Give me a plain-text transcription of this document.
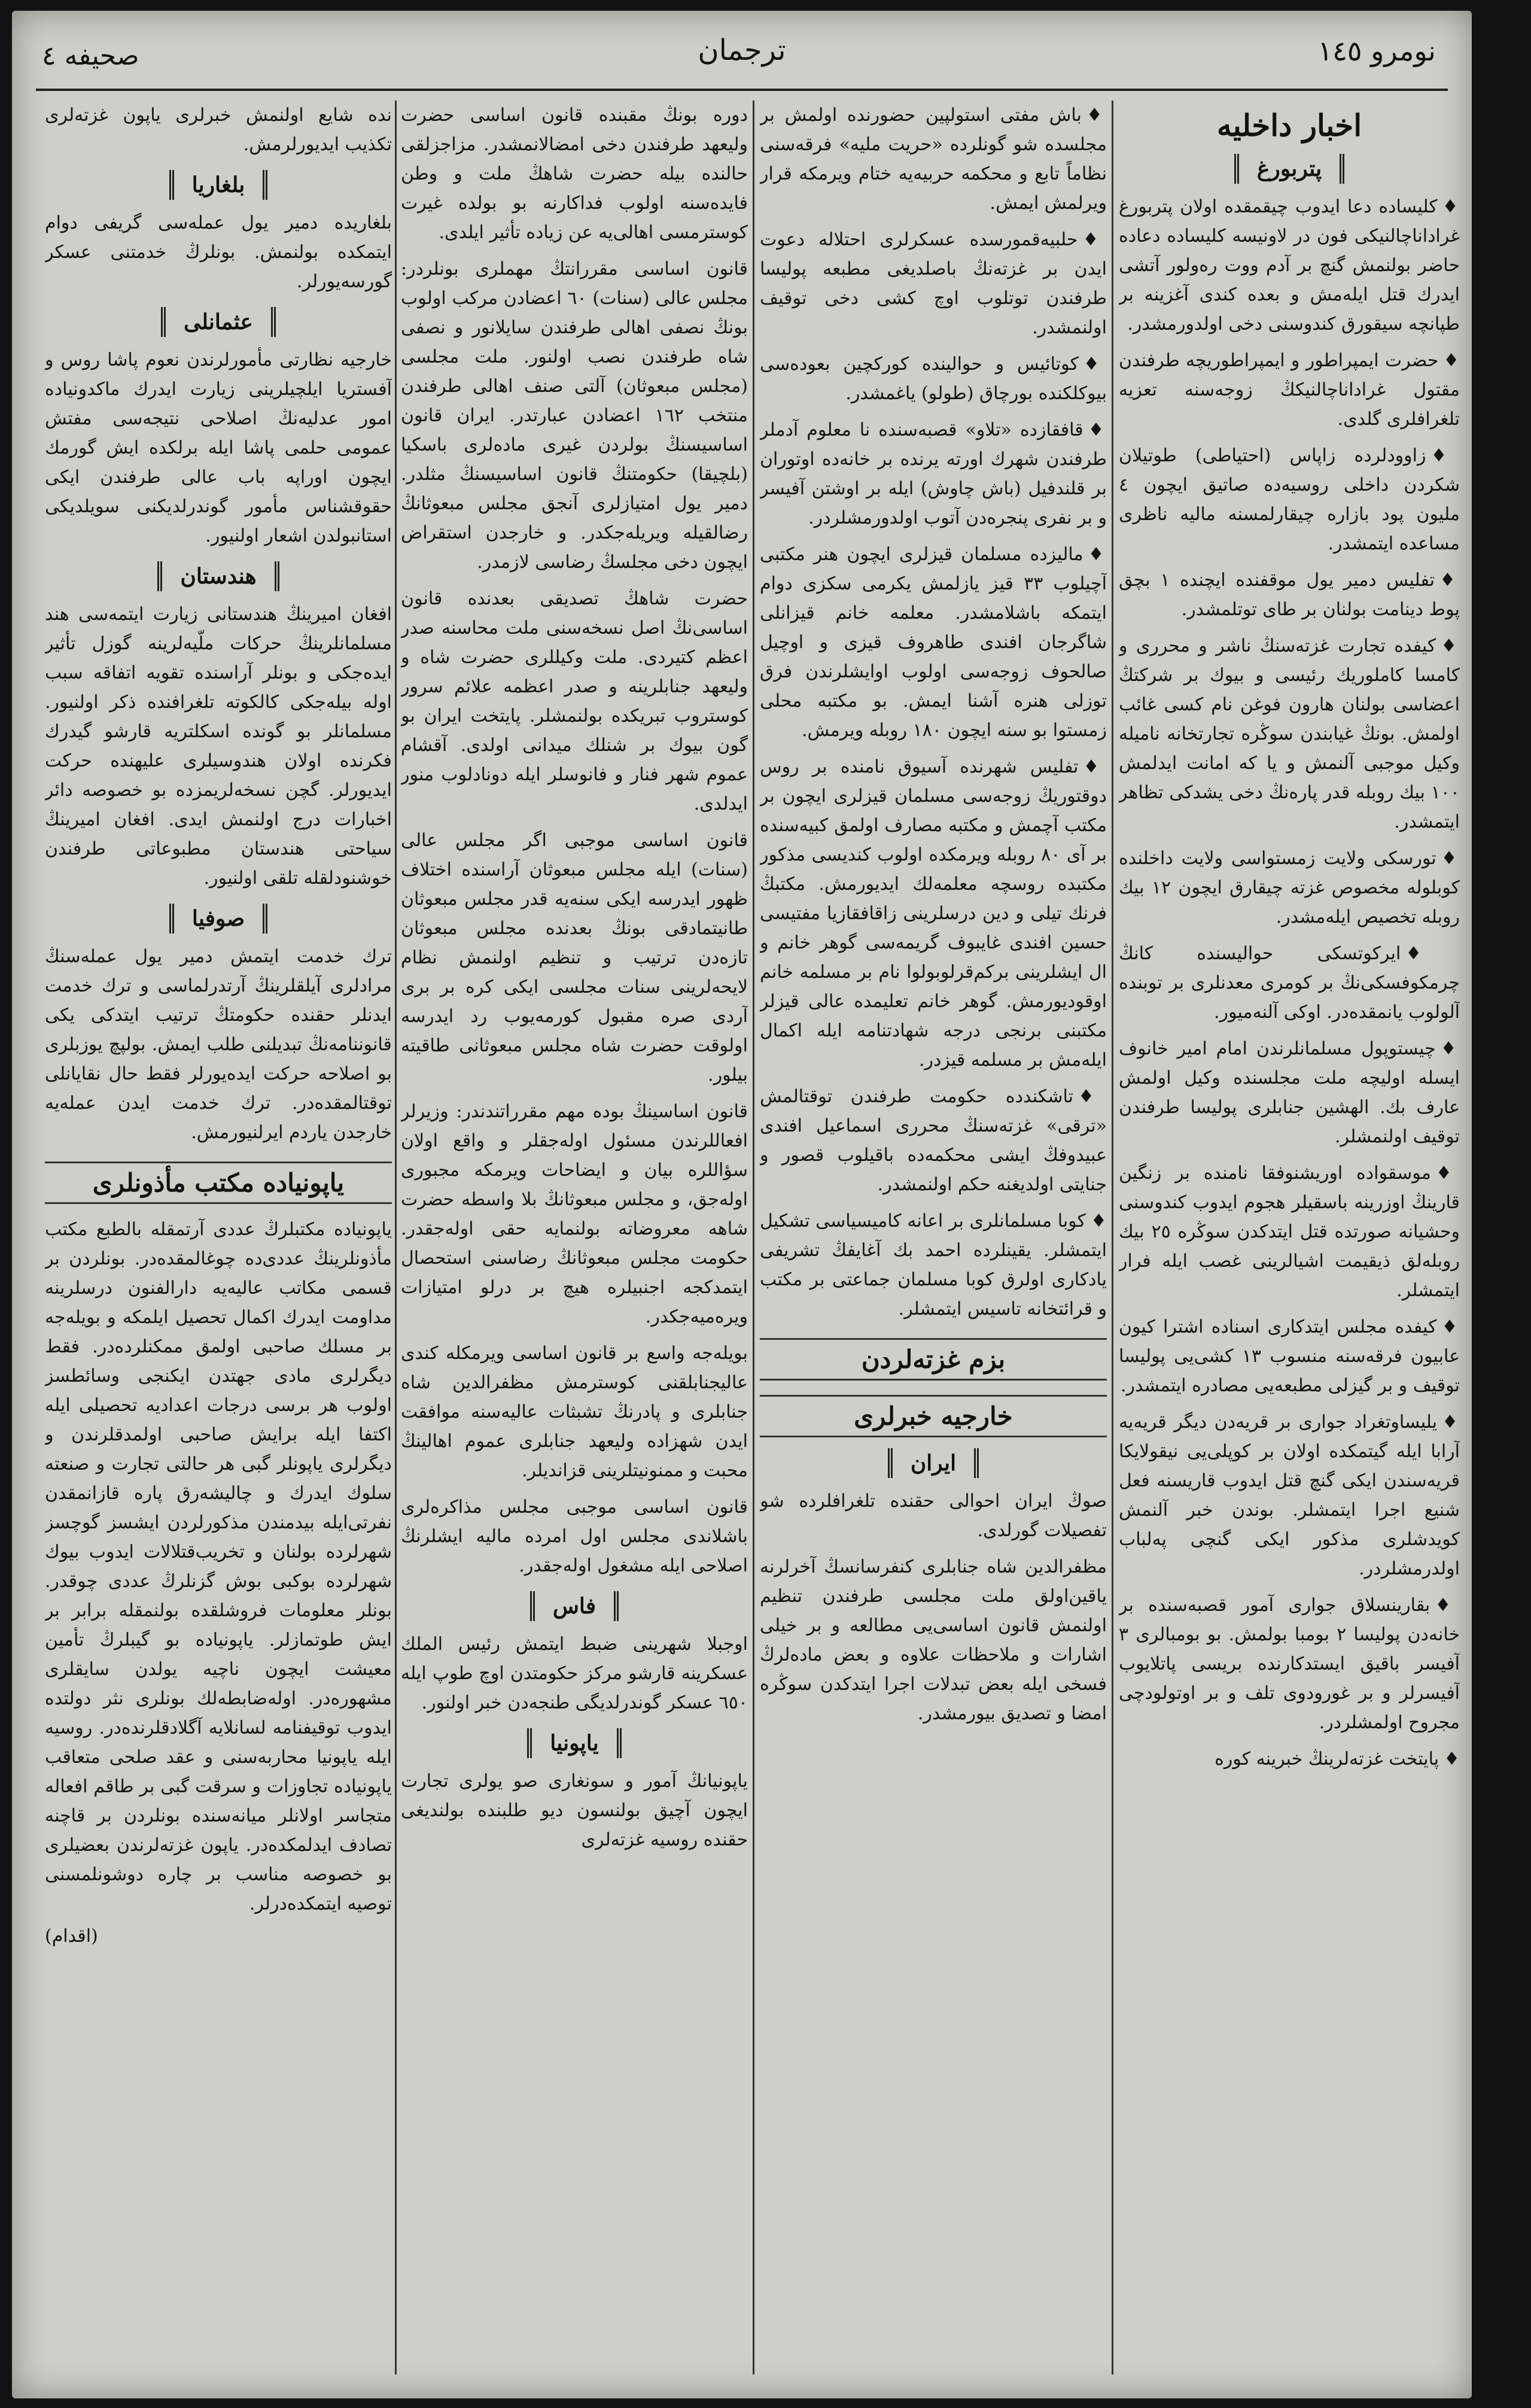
نومرو ١٤٥
ترجمان
صحيفه ٤
اخبار داخليه
پتربورغ

♦كليساده دعا ايدوب چيقمقده اولان پتربورغ غراداناچالنيكى فون در لاونيسه كليساده دعاده حاضر بولنمش گنچ بر آدم ووت رەولور آتشى ايدرك قتل ايلەمش و بعده كندى آغزينه بر طپانچه سيقورق كندوسنى دخى اولدورمشدر.

♦حضرت ايمپراطور و ايمپراطوريچه طرفندن مقتول غراداناچالنيكڭ زوجەسنه تعزيه تلغرافلرى گلدى.

♦زاوودلرده زاپاس (احتياطى) طوتيلان شكردن داخلى روسيه‌ده صاتيق ايچون ٤ مليون پود بازاره چيقارلمسنه ماليه ناظرى مساعده ايتمشدر.

♦تفليس دمير يول موقفنده ايچنده ١ بچق پوط دينامت بولنان بر طاى توتلمشدر.

♦كيفده تجارت غزته‌سنڭ ناشر و محررى و كامسا كاملوريك رئيسى و بيوك بر شركتڭ اعضاسى بولنان هارون فوغن نام كسى غائب اولمش. بونڭ غيابندن سوڭره تجارتخانه ناميله وكيل موجبى آلنمش و يا كه امانت ايدلمش ١٠٠ بيك روبله قدر پاره‌نڭ دخى يشدكى تظاهر ايتمشدر.

♦تورسكى ولايت زمستواسى ولايت داخلنده كوبلوله مخصوص غزته چيقارق ايچون ١٢ بيك روبله تخصيص ايله‌مشدر.

♦ايركوتسكى حواليسنده كانڭ چرمكوفسكى‌نڭ بر كومرى معدنلرى بر توبنده آلولوب يانمقده‌در. اوكى آلنه‌ميور.

♦چيستوپول مسلمانلرندن امام امير خانوف ايسله اوليچه ملت مجلسنده وكيل اولمش عارف بك. الهشين جنابلرى پوليسا طرفندن توقيف اولنمشلر.

♦موسقواده اوريشنوفقا نامنده بر زنگين قارينڭ اوزرينه باسقيلر هجوم ايدوب كندوسنى وحشيانه صورتده قتل ايتدكدن سوڭره ٢٥ بيك روبله‌لق ذيقيمت اشيالرينى غصب ايله فرار ايتمشلر.

♦كيفده مجلس ايتدكارى اسناده اشترا كيون عابيون فرقه‌سنه منسوب ١٣ كشى‌يى پوليسا توقيف و بر گيزلى مطبعه‌يى مصادره ايتمشدر.

♦يليساوتغراد جوارى بر قريه‌دن ديگر قريه‌يه آرابا ايله گيتمكده اولان بر كوپلى‌يى نيقولايكا قريه‌سندن ايكى گنچ قتل ايدوب قاريسنه فعل شنيع اجرا ايتمشلر. بوندن خبر آلنمش كويدشلرى مذكور ايكى گنچى پەلباب اولدرمشلردر.

♦بقارينسلاق جوارى آمور قصبه‌سنده بر خانەدن پوليسا ٢ بومبا بولمش. بو بومبالرى ٣ آفيسر باقيق ايستدكارنده بريسى پاتلايوب آفيسرلر و بر غورودوى تلف و بر اوتولودچى مجروح اولمشلردر.

♦پايتخت غزته‌لرينڭ خبرينه كوره

♦باش مفتى استولپين حضورنده اولمش بر مجلسده شو گونلرده «حريت مليه» فرقه‌سنى نظاماً تابع و محكمه حربيه‌يه ختام ويرمكه قرار ويرلمش ايمش.

♦حلبيه‌قمورسده عسكرلرى احتلاله دعوت ايدن بر غزته‌نڭ باصلديغى مطبعه پوليسا طرفندن توتلوب اوچ كشى دخى توقيف اولنمشدر.

♦كوتائيس و حوالينده كوركچين بعوده‌سى بيوكلكنده بورچاق (طولو) ياغمشدر.

♦قافقازده «تلاو» قصبه‌سنده نا معلوم آدملر طرفندن شهرك اورته يرنده بر خانه‌ده اوتوران بر قلندفيل (باش چاوش) ايله بر اوشتن آفيسر و بر نفرى پنجره‌دن آتوب اولدورمشلردر.

♦ماليزده مسلمان قيزلرى ايچون هنر مكتبى آچيلوب ٣٣ قيز يازلمش يكرمى سكزى دوام ايتمكه باشلامشدر. معلمه خانم قيزانلى شاگرجان افندى طاهروف قيزى و اوچيل صالحوف زوجه‌سى اولوب اوايشلرندن فرق توزلى هنره آشنا ايمش. بو مكتبه محلى زمستوا بو سنه ايچون ١٨٠ روبله ويرمش.

♦تفليس شهرنده آسيوق نامنده بر روس دوقتوريڭ زوجه‌سى مسلمان قيزلرى ايچون بر مكتب آچمش و مكتبه مصارف اولمق كبيه‌سنده بر آى ٨٠ روبله ويرمكده اولوب كنديسى مذكور مكتبده روسچه معلمه‌لك ايديورمش. مكتبڭ فرنك تيلى و دين درسلرينى زاقافقازيا مفتيسى حسين افندى غايبوف گريمه‌سى گوهر خانم و ال ايشلرينى بركم‌قرلوبولوا نام بر مسلمه خانم اوقوديورمش. گوهر خانم تعليمده عالى قيزلر مكتبنى برنجى درجه شهادتنامه ايله اكمال ايله‌مش بر مسلمه قيزدر.

♦تاشكندده حكومت طرفندن توقتالمش «ترقى» غزته‌سنڭ محررى اسماعيل افندى عبيدوفڭ ايشى محكمه‌ده باقيلوب قصور و جنايتى اولديغنه حكم اولنمشدر.

♦كوبا مسلمانلرى بر اعانه كاميسياسى تشكيل ايتمشلر. يقينلرده احمد بك آغايفڭ تشريفى يادكارى اولرق كوبا مسلمان جماعتى بر مكتب و قرائتخانه تاسيس ايتمشلر.

بزم غزته‌لردن
خارجيه خبرلرى
ايران

صوڭ ايران احوالى حقنده تلغرافلرده شو تفصيلات گورلدى.

مظفرالدين شاه جنابلرى كنفرسانسڭ آخرلرنه ياقين‌اولق ملت مجلسى طرفندن تنظيم اولنمش قانون اساسى‌يى مطالعه و بر خيلى اشارات و ملاحظات علاوه و بعض ماده‌لرڭ فسخى ايله بعض تبدلات اجرا ايتدكدن سوڭره امضا و تصديق بيورمشدر.

دوره بونڭ مقبنده قانون اساسى حضرت وليعهد طرفندن دخى امضالانمشدر. مزاجزلقى حالنده بيله حضرت شاهڭ ملت و وطن فايده‌سنه اولوب فداكارنه بو بولده غيرت كوسترمسى اهالى‌يه عن زياده تأثير ايلدى.

قانون اساسى مقررانتڭ مهملرى بونلردر: مجلس عالى (سنات) ٦٠ اعضادن مركب اولوب بونڭ نصفى اهالى طرفندن سايلانور و نصفى شاه طرفندن نصب اولنور. ملت مجلسى (مجلس مبعوثان) آلتى صنف اهالى طرفندن منتخب ١٦٢ اعضادن عبارتدر. ايران قانون اساسيسنڭ بولردن غيرى ماده‌لرى باسكيا (بلچيقا) حكومتنڭ قانون اساسيسنڭ مثلدر. دمير يول امتيازلرى آنجق مجلس مبعوثانڭ رضالقيله ويريله‌جكدر. و خارجدن استقراض ايچون دخى مجلسڭ رضاسى لازمدر.

حضرت شاهڭ تصديقى بعدنده قانون اساسى‌نڭ اصل نسخه‌سنى ملت محاسنه صدر اعظم كتيردى. ملت وكيللرى حضرت شاه و وليعهد جنابلرينه و صدر اعظمه علائم سرور كوستروب تبريكده بولنمشلر. پايتخت ايران بو گون بيوك بر شنلك ميدانى اولدى. آقشام عموم شهر فنار و فانوسلر ايله دونادلوب منور ايدلدى.

قانون اساسى موجبى اگر مجلس عالى (سنات) ايله مجلس مبعوثان آراسنده اختلاف ظهور ايدرسه ايكى سنه‌يه قدر مجلس مبعوثان طانيتمادقى بونڭ بعدنده مجلس مبعوثان تازه‌دن ترتيب و تنظيم اولنمش نظام لايحه‌لرينى سنات مجلسى ايكى كره بر برى آردى صره مقبول كورمەيوب رد ايدرسه اولوقت حضرت شاه مجلس مبعوثانى طاقيته بيلور.

قانون اساسينڭ بوده مهم مقرراتندندر: وزيرلر افعاللرندن مسئول اولەجقلر و واقع اولان سؤاللره بيان و ايضاحات ويرمكه مجبورى اولەجق، و مجلس مبعوثانڭ بلا واسطه حضرت شاهه معروضاته بولنمايه حقى اوله‌جقدر. حكومت مجلس مبعوثانڭ رضاسنى استحصال ايتمدكجه اجنبيلره هيچ بر درلو امتيازات ويرەميه‌جكدر.

بويله‌جه واسع بر قانون اساسى ويرمكله كندى عاليجنابلقنى كوسترمش مظفرالدين شاه جنابلرى و پادرنڭ تشبثات عاليه‌سنه موافقت ايدن شهزاده وليعهد جنابلرى عموم اهالينڭ محبت و ممنونيتلرينى قزانديلر.

قانون اساسى موجبى مجلس مذاكره‌لرى باشلاندى مجلس اول امرده ماليه ايشلرنڭ اصلاحى ايله مشغول اوله‌جقدر.

فاس

اوجبلا شهرينى ضبط ايتمش رئيس الملك عسكرينه قارشو مركز حكومتدن اوچ طوپ ايله ٦٥٠ عسكر گوندرلديگى طنجه‌دن خبر اولنور.

ياپونيا

ياپونيانڭ آمور و سونغارى صو يولرى تجارت ايچون آچيق بولنسون ديو طلبنده بولنديغى حقنده روسيه غزته‌لرى

نده شايع اولنمش خبرلرى ياپون غزته‌لرى تكذيب ايديورلرمش.

بلغاريا

بلغاريده دمير يول عمله‌سى گريفى دوام ايتمكده بولنمش. بونلرڭ خدمتنى عسكر گورسه‌يورلر.

عثمانلى

خارجيه نظارتى مأمورلرندن نعوم پاشا روس و آفستريا ايلچيلرينى زيارت ايدرك ماكدونياده امور عدليه‌نڭ اصلاحى نتيجه‌سى مفتش عمومى حلمى پاشا ايله برلكده ايش گورمك ايچون اوراپه باب عالى طرفندن ايكى حقوقشناس مأمور گوندرلديكنى سويلديكى استانبولدن اشعار اولنيور.

هندستان

افغان اميرينڭ هندستانى زيارت ايتمه‌سى هند مسلمانلرينڭ حركات ملّيه‌لرينه گوزل تأثير ايده‌جكى و بونلر آراسنده تقويه اتفاقه سبب اوله بيله‌جكى كالكوته تلغرافنده ذكر اولنيور. مسلمانلر بو گونده اسكلتريه قارشو گيدرك فكرنده اولان هندوسيلرى عليهنده حركت ايديورلر. گچن نسخه‌لريمزده بو خصوصه دائر اخبارات درج اولنمش ايدى. افغان اميرينڭ سياحتى هندستان مطبوعاتى طرفندن خوشنودلقله تلقى اولنيور.

صوفيا

ترك خدمت ايتمش دمير يول عمله‌سنڭ مرادلرى آيلقلرينڭ آرتدرلماسى و ترك خدمت ايدنلر حقنده حكومتڭ ترتيب ايتدكى يكى قانوننامه‌نڭ تبديلنى طلب ايمش. بولپچ يوزبلرى بو اصلاحه حركت ايده‌يورلر فقط حال نقايانلى توقتالمقده‌در. ترك خدمت ايدن عمله‌يه خارجدن ياردم ايرلنيورمش.

ياپونياده مكتب مأذونلرى

ياپونياده مكتبلرڭ عددى آرتمقله بالطبع مكتب مأذونلرينڭ عددى‌ده چوغالمقده‌در. بونلردن بر قسمى مكاتب عاليه‌يه دارالفنون درسلرينه مداومت ايدرك اكمال تحصيل ايلمكه و بويله‌جه بر مسلك صاحبى اولمق ممكنلرده‌در. فقط ديگرلرى مادى جهتدن ايكنجى وسائطسز اولوب هر برسى درجات اعداديه تحصيلى ايله اكتفا ايله برايش صاحبى اولمدقلرندن و ديگرلرى ياپونلر گبى هر حالتى تجارت و صنعته سلوك ايدرك و چاليشه‌رق پاره قازانمقدن نفرتى‌ايله بيدمندن مذكورلردن ايشسز گوچسز شهرلرده بولنان و تخريب‌قتلالات ايدوب بيوك شهرلرده بوكبى بوش گزنلرڭ عددى چوقدر. بونلر معلومات فروشلقده بولنمقله برابر بر ايش طوتمازلر. ياپونياده بو گيبلرڭ تأمين معيشت ايچون ناچيه يولدن سايقلرى مشهوره‌در. اوله‌ضابطه‌لك بونلرى نثر دولتده ايدوب توقيفنامه لسانلايه آگلادقلرنده‌در. روسيه ايله ياپونيا محاربه‌سنى و عقد صلحى متعاقب ياپونياده تجاوزات و سرقت گبى بر طاقم افعاله متجاسر اولانلر ميانه‌سنده بونلردن بر قاچنه تصادف ايدلمكده‌در. ياپون غزته‌لرندن بعضيلرى بو خصوصه مناسب بر چاره دوشونلمسنى توصيه ايتمكده‌درلر.

(اقدام)
